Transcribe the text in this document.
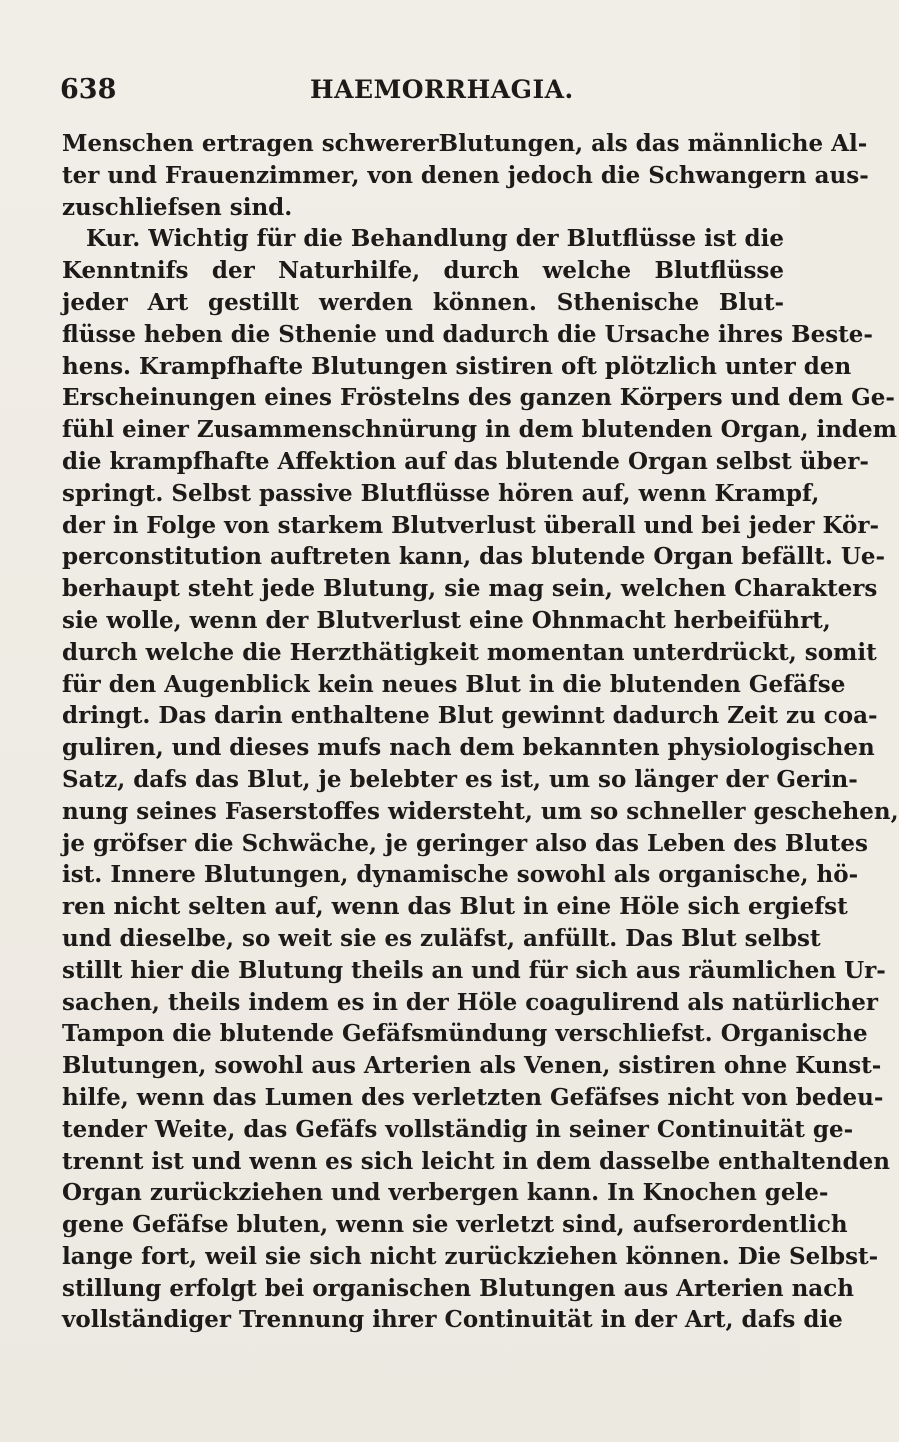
638	HAEMORRHAGIA.
Menschen ertragen schwererBlutungen, als das männliche Al-
ter und Frauenzimmer, von denen jedoch die Schwangern aus-
zuschliefsen sind.
Kur. Wichtig für die Behandlung der Blutflüsse ist die
Kenntnifs der Naturhilfe, durch welche Blutflüsse
jeder Art gestillt werden können. Sthenische Blut-
flüsse heben die Sthenie und dadurch die Ursache ihres Beste-
hens. Krampfhafte Blutungen sistiren oft plötzlich unter den
Erscheinungen eines Fröstelns des ganzen Körpers und dem Ge-
fühl einer Zusammenschnürung in dem blutenden Organ, indem
die krampfhafte Affektion auf das blutende Organ selbst über-
springt. Selbst passive Blutflüsse hören auf, wenn Krampf,
der in Folge von starkem Blutverlust überall und bei jeder Kör-
perconstitution auftreten kann, das blutende Organ befällt. Ue-
berhaupt steht jede Blutung, sie mag sein, welchen Charakters
sie wolle, wenn der Blutverlust eine Ohnmacht herbeiführt,
durch welche die Herzthätigkeit momentan unterdrückt, somit
für den Augenblick kein neues Blut in die blutenden Gefäfse
dringt. Das darin enthaltene Blut gewinnt dadurch Zeit zu coa-
guliren, und dieses mufs nach dem bekannten physiologischen
Satz, dafs das Blut, je belebter es ist, um so länger der Gerin-
nung seines Faserstoffes widersteht, um so schneller geschehen,
je gröfser die Schwäche, je geringer also das Leben des Blutes
ist. Innere Blutungen, dynamische sowohl als organische, hö-
ren nicht selten auf, wenn das Blut in eine Höle sich ergiefst
und dieselbe, so weit sie es zuläfst, anfüllt. Das Blut selbst
stillt hier die Blutung theils an und für sich aus räumlichen Ur-
sachen, theils indem es in der Höle coagulirend als natürlicher
Tampon die blutende Gefäfsmündung verschliefst. Organische
Blutungen, sowohl aus Arterien als Venen, sistiren ohne Kunst-
hilfe, wenn das Lumen des verletzten Gefäfses nicht von bedeu-
tender Weite, das Gefäfs vollständig in seiner Continuität ge-
trennt ist und wenn es sich leicht in dem dasselbe enthaltenden
Organ zurückziehen und verbergen kann. In Knochen gele-
gene Gefäfse bluten, wenn sie verletzt sind, aufserordentlich
lange fort, weil sie sich nicht zurückziehen können. Die Selbst-
stillung erfolgt bei organischen Blutungen aus Arterien nach
vollständiger Trennung ihrer Continuität in der Art, dafs die
